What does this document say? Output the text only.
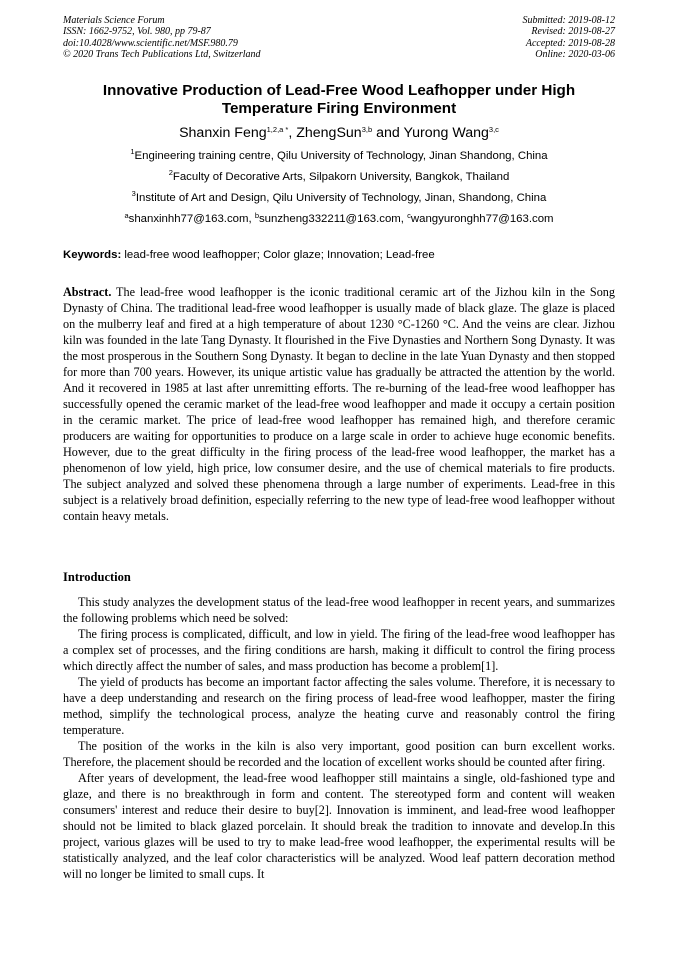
Materials Science Forum
ISSN: 1662-9752, Vol. 980, pp 79-87
doi:10.4028/www.scientific.net/MSF.980.79
© 2020 Trans Tech Publications Ltd, Switzerland
Submitted: 2019-08-12
Revised: 2019-08-27
Accepted: 2019-08-28
Online: 2020-03-06
Innovative Production of Lead-Free Wood Leafhopper under High Temperature Firing Environment
Shanxin Feng$^{1,2,a *}$, ZhengSun$^{3,b}$ and Yurong Wang$^{3,c}$
$^1$Engineering training centre, Qilu University of Technology, Jinan Shandong, China
$^2$Faculty of Decorative Arts, Silpakorn University, Bangkok, Thailand
$^3$Institute of Art and Design, Qilu University of Technology, Jinan, Shandong, China
$^a$shanxinhh77@163.com, $^b$sunzheng332211@163.com, $^c$wangyuronghh77@163.com
Keywords: lead-free wood leafhopper; Color glaze; Innovation; Lead-free
Abstract. The lead-free wood leafhopper is the iconic traditional ceramic art of the Jizhou kiln in the Song Dynasty of China. The traditional lead-free wood leafhopper is usually made of black glaze. The glaze is placed on the mulberry leaf and fired at a high temperature of about 1230 °C-1260 °C. And the veins are clear. Jizhou kiln was founded in the late Tang Dynasty. It flourished in the Five Dynasties and Northern Song Dynasty. It was the most prosperous in the Southern Song Dynasty. It began to decline in the late Yuan Dynasty and then stopped for more than 700 years. However, its unique artistic value has gradually be attracted the attention by the world. And it recovered in 1985 at last after unremitting efforts. The re-burning of the lead-free wood leafhopper has successfully opened the ceramic market of the lead-free wood leafhopper and made it occupy a certain position in the ceramic market. The price of lead-free wood leafhopper has remained high, and therefore ceramic producers are waiting for opportunities to produce on a large scale in order to achieve huge economic benefits. However, due to the great difficulty in the firing process of the lead-free wood leafhopper, the market has a phenomenon of low yield, high price, low consumer desire, and the use of chemical materials to fire products. The subject analyzed and solved these phenomena through a large number of experiments. Lead-free in this subject is a relatively broad definition, especially referring to the new type of lead-free wood leafhopper without contain heavy metals.
Introduction

This study analyzes the development status of the lead-free wood leafhopper in recent years, and summarizes the following problems which need be solved:

The firing process is complicated, difficult, and low in yield. The firing of the lead-free wood leafhopper has a complex set of processes, and the firing conditions are harsh, making it difficult to control the firing process which directly affect the number of sales, and mass production has become a problem[1].

The yield of products has become an important factor affecting the sales volume. Therefore, it is necessary to have a deep understanding and research on the firing process of lead-free wood leafhopper, master the firing method, simplify the technological process, analyze the heating curve and reasonably control the firing temperature.

The position of the works in the kiln is also very important, good position can burn excellent works. Therefore, the placement should be recorded and the location of excellent works should be counted after firing.

After years of development, the lead-free wood leafhopper still maintains a single, old-fashioned type and glaze, and there is no breakthrough in form and content. The stereotyped form and content will weaken consumers' interest and reduce their desire to buy[2]. Innovation is imminent, and lead-free wood leafhopper should not be limited to black glazed porcelain. It should break the tradition to innovate and develop.In this project, various glazes will be used to try to make lead-free wood leafhopper, the experimental results will be statistically analyzed, and the leaf color characteristics will be analyzed. Wood leaf pattern decoration method will no longer be limited to small cups. It
